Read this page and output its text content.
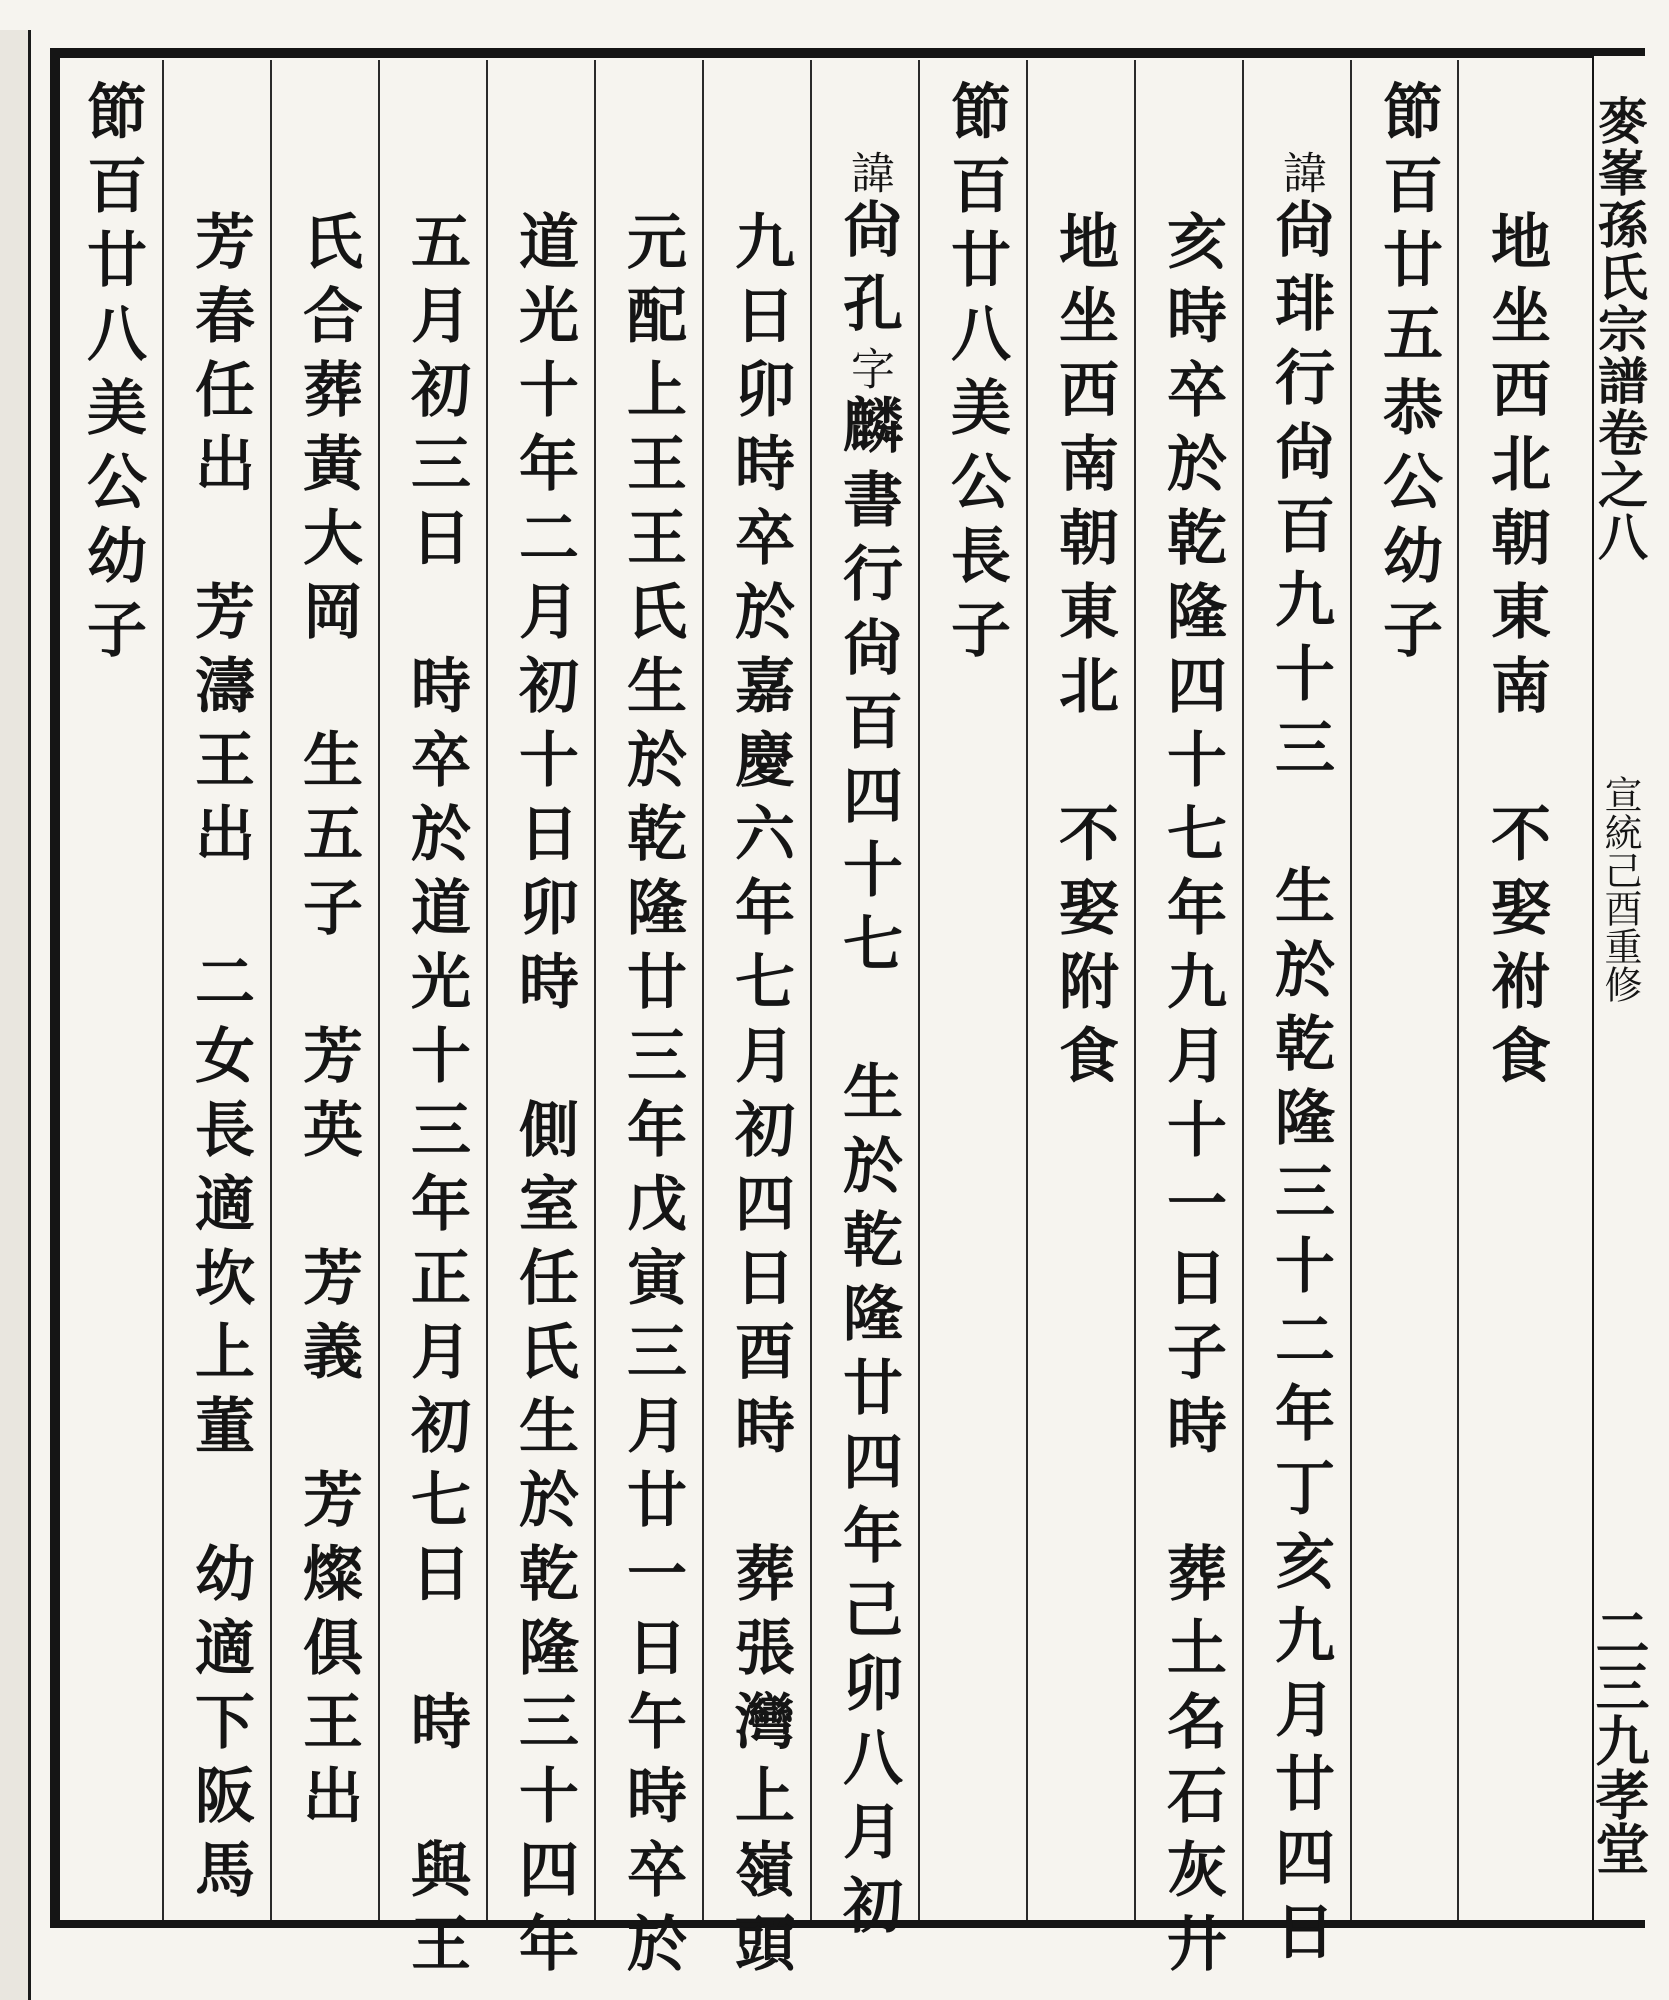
麥峯孫氏宗譜卷之八
宣統己酉重修
二三九孝堂
地坐西北朝東南　不娶祔食
節百廿五恭公幼子
諱尙琲行尙百九十三　生於乾隆三十二年丁亥九月廿四日
亥時卒於乾隆四十七年九月十一日子時　葬土名石灰廾
地坐西南朝東北　不娶附食
節百廿八美公長子
諱尙孔字麟書行尙百四十七　生於乾隆廿四年己卯八月初
九日卯時卒於嘉慶六年七月初四日酉時　葬張灣上嶺頭
元配上王王氏生於乾隆廿三年戊寅三月廿一日午時卒於
道光十年二月初十日卯時　側室任氏生於乾隆三十四年
五月初三日　時卒於道光十三年正月初七日　時　與王
氏合葬黃大岡　生五子　芳英　芳義　芳燦俱王出
芳春任出　芳濤王出　二女長適坎上董　幼適下阪馬
節百廿八美公幼子
